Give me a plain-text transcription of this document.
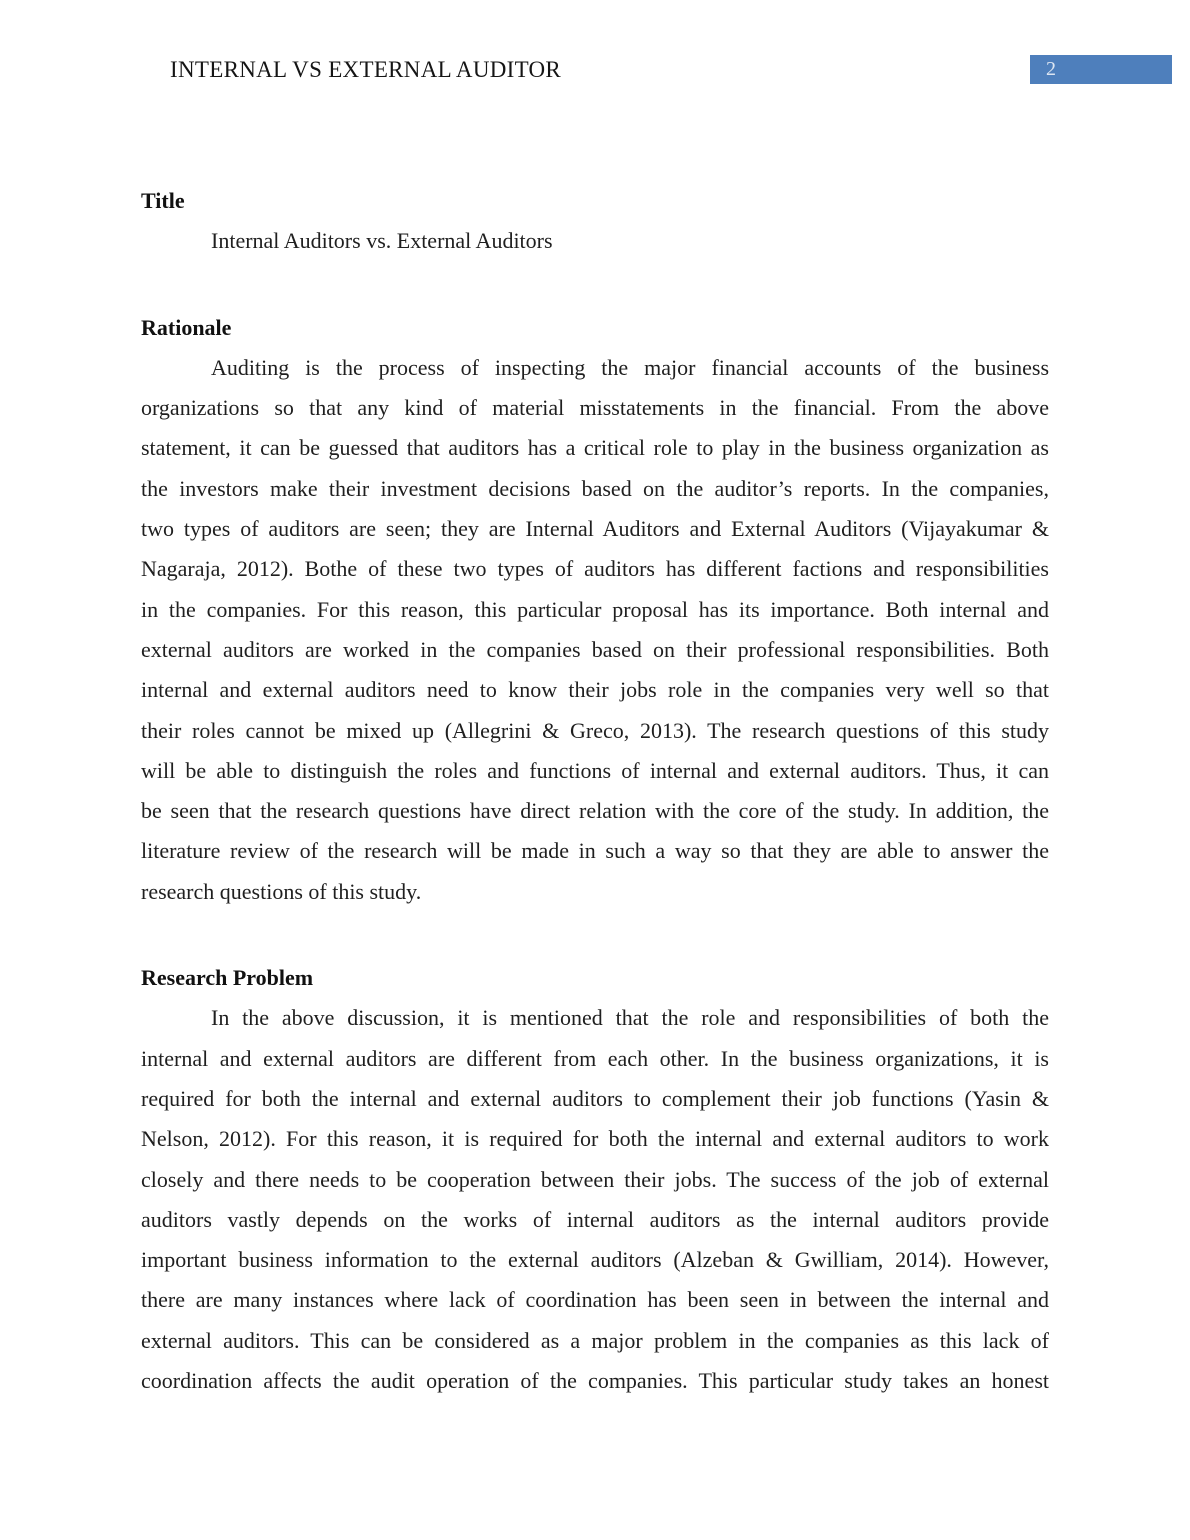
INTERNAL VS EXTERNAL AUDITOR	2
Title
Internal Auditors vs. External Auditors
Rationale
Auditing is the process of inspecting the major financial accounts of the business
organizations so that any kind of material misstatements in the financial. From the above
statement, it can be guessed that auditors has a critical role to play in the business organization as
the investors make their investment decisions based on the auditor’s reports. In the companies,
two types of auditors are seen; they are Internal Auditors and External Auditors (Vijayakumar &
Nagaraja, 2012). Bothe of these two types of auditors has different factions and responsibilities
in the companies. For this reason, this particular proposal has its importance. Both internal and
external auditors are worked in the companies based on their professional responsibilities. Both
internal and external auditors need to know their jobs role in the companies very well so that
their roles cannot be mixed up (Allegrini & Greco, 2013). The research questions of this study
will be able to distinguish the roles and functions of internal and external auditors. Thus, it can
be seen that the research questions have direct relation with the core of the study. In addition, the
literature review of the research will be made in such a way so that they are able to answer the
research questions of this study.
Research Problem
In the above discussion, it is mentioned that the role and responsibilities of both the
internal and external auditors are different from each other. In the business organizations, it is
required for both the internal and external auditors to complement their job functions (Yasin &
Nelson, 2012). For this reason, it is required for both the internal and external auditors to work
closely and there needs to be cooperation between their jobs. The success of the job of external
auditors vastly depends on the works of internal auditors as the internal auditors provide
important business information to the external auditors (Alzeban & Gwilliam, 2014). However,
there are many instances where lack of coordination has been seen in between the internal and
external auditors. This can be considered as a major problem in the companies as this lack of
coordination affects the audit operation of the companies. This particular study takes an honest
